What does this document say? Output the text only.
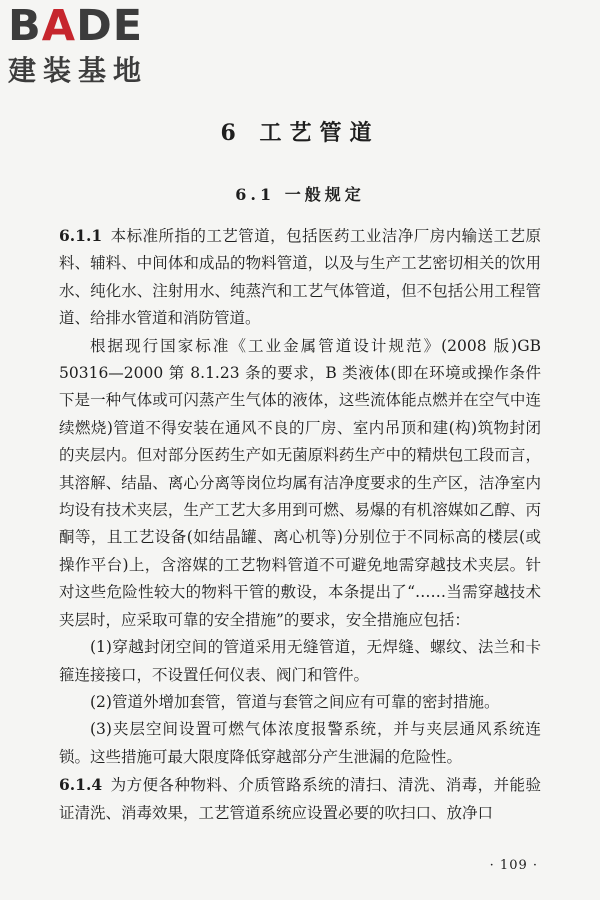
BADE
建装基地
6 工艺管道
6.1 一般规定

6.1.1 本标准所指的工艺管道，包括医药工业洁净厂房内输送工艺原料、辅料、中间体和成品的物料管道，以及与生产工艺密切相关的饮用水、纯化水、注射用水、纯蒸汽和工艺气体管道，但不包括公用工程管道、给排水管道和消防管道。

根据现行国家标准《工业金属管道设计规范》(2008 版)GB 50316—2000 第 8.1.23 条的要求，B 类液体(即在环境或操作条件下是一种气体或可闪蒸产生气体的液体，这些流体能点燃并在空气中连续燃烧)管道不得安装在通风不良的厂房、室内吊顶和建(构)筑物封闭的夹层内。但对部分医药生产如无菌原料药生产中的精烘包工段而言，其溶解、结晶、离心分离等岗位均属有洁净度要求的生产区，洁净室内均设有技术夹层，生产工艺大多用到可燃、易爆的有机溶媒如乙醇、丙酮等，且工艺设备(如结晶罐、离心机等)分别位于不同标高的楼层(或操作平台)上，含溶媒的工艺物料管道不可避免地需穿越技术夹层。针对这些危险性较大的物料干管的敷设，本条提出了“……当需穿越技术夹层时，应采取可靠的安全措施”的要求，安全措施应包括：

(1)穿越封闭空间的管道采用无缝管道，无焊缝、螺纹、法兰和卡箍连接接口，不设置任何仪表、阀门和管件。

(2)管道外增加套管，管道与套管之间应有可靠的密封措施。

(3)夹层空间设置可燃气体浓度报警系统，并与夹层通风系统连锁。这些措施可最大限度降低穿越部分产生泄漏的危险性。

6.1.4 为方便各种物料、介质管路系统的清扫、清洗、消毒，并能验证清洗、消毒效果，工艺管道系统应设置必要的吹扫口、放净口

· 109 ·
